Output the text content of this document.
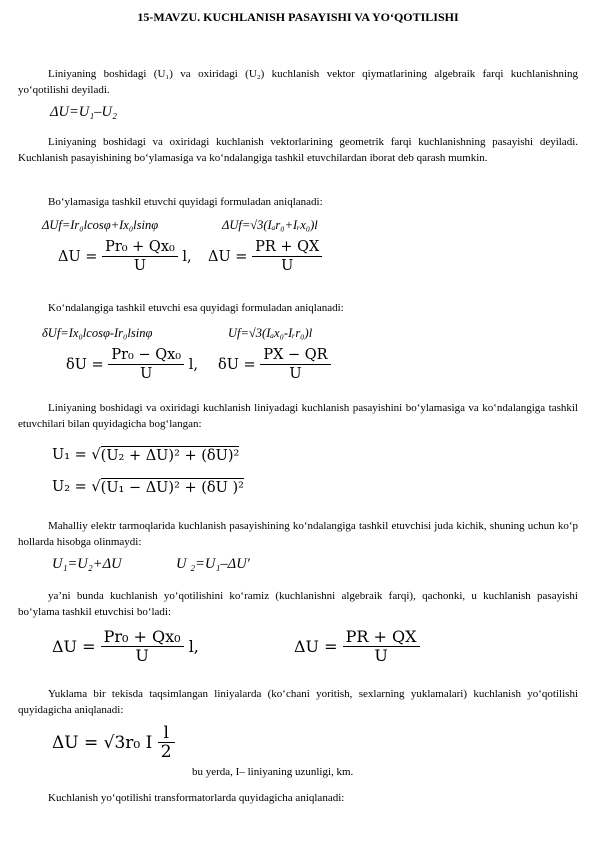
15-MAVZU. KUCHLANISH PASAYISHI VA YO‘QOTILISHI
Liniyaning boshidagi (U₁) va oxiridagi (U₂) kuchlanish vektor qiymatlarining algebraik farqi kuchlanishning yo‘qotilishi deyiladi.
ΔU=U₁–U₂
Liniyaning boshidagi va oxiridagi kuchlanish vektorlarining geometrik farqi kuchlanishning pasayishi deyiladi. Kuchlanish pasayishining bo‘ylamasiga va ko‘ndalangiga tashkil etuvchilardan iborat deb qarash mumkin.
Bo‘ylamasiga tashkil etuvchi quyidagi formuladan aniqlanadi:
ΔUf=Ir₀lcosφ+Ix₀lsinφ	ΔUf=√3(Iₐr₀+Iᵣx₀)l
ΔU =
$\frac{\text{Pr₀ + Qx₀}}{U}$
l, ΔU =
$\frac{PR + QX}{U}$
Ko‘ndalangiga tashkil etuvchi esa quyidagi formuladan aniqlanadi:
δUf=Ix₀lcosφ-Ir₀lsinφ	Uf=√3(Iₐx₀-Iᵣr₀)l
δU =
$\frac{\text{Pr₀ − Qx₀}}{U}$
l, δU =
$\frac{PX - QR}{U}$
Liniyaning boshidagi va oxiridagi kuchlanish liniyadagi kuchlanish pasayishini bo‘ylamasiga va ko‘ndalangiga tashkil etuvchilari bilan quyidagicha bog‘langan:
U₁ =
√ (U₂ + ΔU)² + (δU)²
U₂ =
√ (U₁ − ΔU)² + (δU )²
Mahalliy elektr tarmoqlarida kuchlanish pasayishining ko‘ndalangiga tashkil etuvchisi juda kichik, shuning uchun ko‘p hollarda hisobga olinmaydi:
U₁=U₂+ΔU	U ₂=U₁–ΔU′
ya’ni bunda kuchlanish yo‘qotilishini ko‘ramiz (kuchlanishni algebraik farqi), qachonki, u kuchlanish pasayishi bo‘ylama tashkil etuvchisi bo‘ladi:
ΔU =
$\frac{\text{Pr₀ + Qx₀}}{U}$
l,	ΔU =
$\frac{PR + QX}{U}$
Yuklama bir tekisda taqsimlangan liniyalarda (ko‘chani yoritish, sexlarning yuklamalari) kuchlanish yo‘qotilishi quyidagicha aniqlanadi:
ΔU = √3r₀ I
$\frac{l}{2}$
bu yerda, I– liniyaning uzunligi, km.
Kuchlanish yo‘qotilishi transformatorlarda quyidagicha aniqlanadi:
